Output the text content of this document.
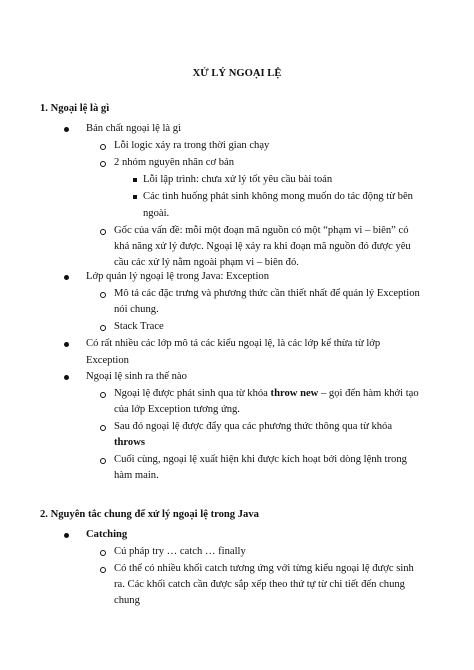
XỬ LÝ NGOẠI LỆ
1. Ngoại lệ là gì
Bản chất ngoại lệ là gì
Lỗi logic xảy ra trong thời gian chạy
2 nhóm nguyên nhân cơ bản
Lỗi lập trình: chưa xử lý tốt yêu cầu bài toán
Các tình huống phát sinh không mong muốn do tác động từ bên
ngoài.
Gốc của vấn đề: mỗi một đoạn mã nguồn có một “phạm vi – biên” có
khả năng xử lý được. Ngoại lệ xảy ra khi đoạn mã nguồn đó được yêu
cầu các xử lý nằm ngoài phạm vi – biên đó.
Lớp quản lý ngoại lệ trong Java: Exception
Mô tả các đặc trưng và phương thức cần thiết nhất để quản lý Exception
nói chung.
Stack Trace
Có rất nhiều các lớp mô tả các kiểu ngoại lệ, là các lớp kế thừa từ lớp
Exception
Ngoại lệ sinh ra thế nào
Ngoại lệ được phát sinh qua từ khóa throw new – gọi đến hàm khởi tạo
của lớp Exception tương ứng.
Sau đó ngoại lệ được đẩy qua các phương thức thông qua từ khóa
throws
Cuối cùng, ngoại lệ xuất hiện khi được kích hoạt bởi dòng lệnh trong
hàm main.
2. Nguyên tắc chung để xử lý ngoại lệ trong Java
Catching
Cú pháp try … catch … finally
Có thể có nhiều khối catch tương ứng với từng kiểu ngoại lệ được sinh
ra. Các khối catch cần được sắp xếp theo thứ tự từ chi tiết đến chung
chung
